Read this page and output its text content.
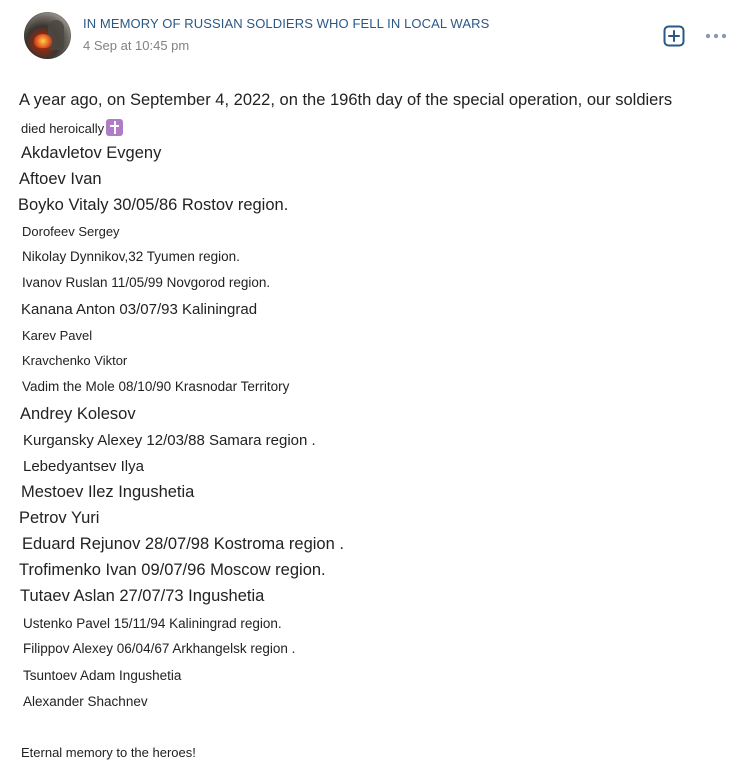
IN MEMORY OF RUSSIAN SOLDIERS WHO FELL IN LOCAL WARS
4 Sep at 10:45 pm
A year ago, on September 4, 2022, on the 196th day of the special operation, our soldiers
died heroically
Akdavletov Evgeny
Aftoev Ivan
Boyko Vitaly 30/05/86 Rostov region.
Dorofeev Sergey
Nikolay Dynnikov,32 Tyumen region.
Ivanov Ruslan 11/05/99 Novgorod region.
Kanana Anton 03/07/93 Kaliningrad
Karev Pavel
Kravchenko Viktor
Vadim the Mole 08/10/90 Krasnodar Territory
Andrey Kolesov
Kurgansky Alexey 12/03/88 Samara region .
Lebedyantsev Ilya
Mestoev Ilez Ingushetia
Petrov Yuri
Eduard Rejunov 28/07/98 Kostroma region .
Trofimenko Ivan 09/07/96 Moscow region.
Tutaev Aslan 27/07/73 Ingushetia
Ustenko Pavel 15/11/94 Kaliningrad region.
Filippov Alexey 06/04/67 Arkhangelsk region .
Tsuntoev Adam Ingushetia
Alexander Shachnev
Eternal memory to the heroes!
